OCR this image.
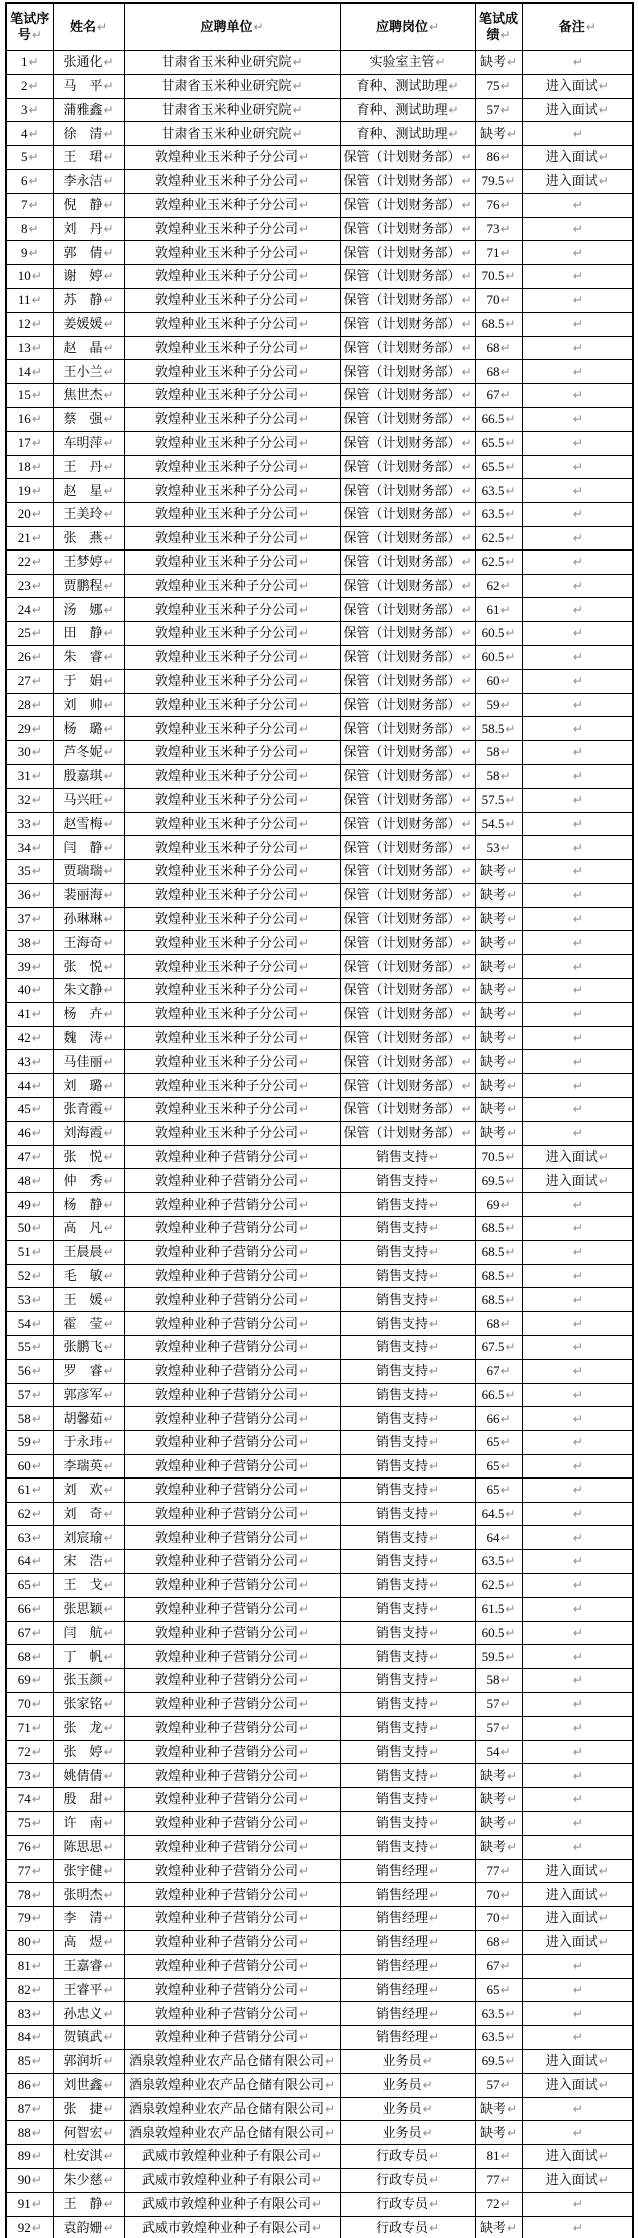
笔试序号↵	姓名↵	应聘单位↵	应聘岗位↵	笔试成绩↵	备注↵
1↵	张通化↵	甘肃省玉米种业研究院↵	实验室主管↵	缺考↵	↵
2↵	马　平↵	甘肃省玉米种业研究院↵	育种、测试助理↵	75↵	进入面试↵
3↵	蒲雅鑫↵	甘肃省玉米种业研究院↵	育种、测试助理↵	57↵	进入面试↵
4↵	徐　清↵	甘肃省玉米种业研究院↵	育种、测试助理↵	缺考↵	↵
5↵	王　珺↵	敦煌种业玉米种子分公司↵	保管（计划财务部）↵	86↵	进入面试↵
6↵	李永洁↵	敦煌种业玉米种子分公司↵	保管（计划财务部）↵	79.5↵	进入面试↵
7↵	倪　静↵	敦煌种业玉米种子分公司↵	保管（计划财务部）↵	76↵	↵
8↵	刘　丹↵	敦煌种业玉米种子分公司↵	保管（计划财务部）↵	73↵	↵
9↵	郭　倩↵	敦煌种业玉米种子分公司↵	保管（计划财务部）↵	71↵	↵
10↵	谢　婷↵	敦煌种业玉米种子分公司↵	保管（计划财务部）↵	70.5↵	↵
11↵	苏　静↵	敦煌种业玉米种子分公司↵	保管（计划财务部）↵	70↵	↵
12↵	姜媛媛↵	敦煌种业玉米种子分公司↵	保管（计划财务部）↵	68.5↵	↵
13↵	赵　晶↵	敦煌种业玉米种子分公司↵	保管（计划财务部）↵	68↵	↵
14↵	王小兰↵	敦煌种业玉米种子分公司↵	保管（计划财务部）↵	68↵	↵
15↵	焦世杰↵	敦煌种业玉米种子分公司↵	保管（计划财务部）↵	67↵	↵
16↵	蔡　强↵	敦煌种业玉米种子分公司↵	保管（计划财务部）↵	66.5↵	↵
17↵	车明萍↵	敦煌种业玉米种子分公司↵	保管（计划财务部）↵	65.5↵	↵
18↵	王　丹↵	敦煌种业玉米种子分公司↵	保管（计划财务部）↵	65.5↵	↵
19↵	赵　星↵	敦煌种业玉米种子分公司↵	保管（计划财务部）↵	63.5↵	↵
20↵	王美玲↵	敦煌种业玉米种子分公司↵	保管（计划财务部）↵	63.5↵	↵
21↵	张　燕↵	敦煌种业玉米种子分公司↵	保管（计划财务部）↵	62.5↵	↵
22↵	王梦婷↵	敦煌种业玉米种子分公司↵	保管（计划财务部）↵	62.5↵	↵
23↵	贾鹏程↵	敦煌种业玉米种子分公司↵	保管（计划财务部）↵	62↵	↵
24↵	汤　娜↵	敦煌种业玉米种子分公司↵	保管（计划财务部）↵	61↵	↵
25↵	田　静↵	敦煌种业玉米种子分公司↵	保管（计划财务部）↵	60.5↵	↵
26↵	朱　睿↵	敦煌种业玉米种子分公司↵	保管（计划财务部）↵	60.5↵	↵
27↵	于　娟↵	敦煌种业玉米种子分公司↵	保管（计划财务部）↵	60↵	↵
28↵	刘　帅↵	敦煌种业玉米种子分公司↵	保管（计划财务部）↵	59↵	↵
29↵	杨　璐↵	敦煌种业玉米种子分公司↵	保管（计划财务部）↵	58.5↵	↵
30↵	芦冬妮↵	敦煌种业玉米种子分公司↵	保管（计划财务部）↵	58↵	↵
31↵	殷嘉琪↵	敦煌种业玉米种子分公司↵	保管（计划财务部）↵	58↵	↵
32↵	马兴旺↵	敦煌种业玉米种子分公司↵	保管（计划财务部）↵	57.5↵	↵
33↵	赵雪梅↵	敦煌种业玉米种子分公司↵	保管（计划财务部）↵	54.5↵	↵
34↵	闫　静↵	敦煌种业玉米种子分公司↵	保管（计划财务部）↵	53↵	↵
35↵	贾瑞瑞↵	敦煌种业玉米种子分公司↵	保管（计划财务部）↵	缺考↵	↵
36↵	裴丽海↵	敦煌种业玉米种子分公司↵	保管（计划财务部）↵	缺考↵	↵
37↵	孙琳琳↵	敦煌种业玉米种子分公司↵	保管（计划财务部）↵	缺考↵	↵
38↵	王海奇↵	敦煌种业玉米种子分公司↵	保管（计划财务部）↵	缺考↵	↵
39↵	张　悦↵	敦煌种业玉米种子分公司↵	保管（计划财务部）↵	缺考↵	↵
40↵	朱文静↵	敦煌种业玉米种子分公司↵	保管（计划财务部）↵	缺考↵	↵
41↵	杨　卉↵	敦煌种业玉米种子分公司↵	保管（计划财务部）↵	缺考↵	↵
42↵	魏　涛↵	敦煌种业玉米种子分公司↵	保管（计划财务部）↵	缺考↵	↵
43↵	马佳丽↵	敦煌种业玉米种子分公司↵	保管（计划财务部）↵	缺考↵	↵
44↵	刘　璐↵	敦煌种业玉米种子分公司↵	保管（计划财务部）↵	缺考↵	↵
45↵	张青霞↵	敦煌种业玉米种子分公司↵	保管（计划财务部）↵	缺考↵	↵
46↵	刘海霞↵	敦煌种业玉米种子分公司↵	保管（计划财务部）↵	缺考↵	↵
47↵	张　悦↵	敦煌种业种子营销分公司↵	销售支持↵	70.5↵	进入面试↵
48↵	仲　秀↵	敦煌种业种子营销分公司↵	销售支持↵	69.5↵	进入面试↵
49↵	杨　静↵	敦煌种业种子营销分公司↵	销售支持↵	69↵	↵
50↵	高　凡↵	敦煌种业种子营销分公司↵	销售支持↵	68.5↵	↵
51↵	王晨晨↵	敦煌种业种子营销分公司↵	销售支持↵	68.5↵	↵
52↵	毛　敏↵	敦煌种业种子营销分公司↵	销售支持↵	68.5↵	↵
53↵	王　媛↵	敦煌种业种子营销分公司↵	销售支持↵	68.5↵	↵
54↵	霍　莹↵	敦煌种业种子营销分公司↵	销售支持↵	68↵	↵
55↵	张鹏飞↵	敦煌种业种子营销分公司↵	销售支持↵	67.5↵	↵
56↵	罗　睿↵	敦煌种业种子营销分公司↵	销售支持↵	67↵	↵
57↵	郭彦军↵	敦煌种业种子营销分公司↵	销售支持↵	66.5↵	↵
58↵	胡馨茹↵	敦煌种业种子营销分公司↵	销售支持↵	66↵	↵
59↵	于永玮↵	敦煌种业种子营销分公司↵	销售支持↵	65↵	↵
60↵	李瑞英↵	敦煌种业种子营销分公司↵	销售支持↵	65↵	↵
61↵	刘　欢↵	敦煌种业种子营销分公司↵	销售支持↵	65↵	↵
62↵	刘　奇↵	敦煌种业种子营销分公司↵	销售支持↵	64.5↵	↵
63↵	刘宸瑜↵	敦煌种业种子营销分公司↵	销售支持↵	64↵	↵
64↵	宋　浩↵	敦煌种业种子营销分公司↵	销售支持↵	63.5↵	↵
65↵	王　戈↵	敦煌种业种子营销分公司↵	销售支持↵	62.5↵	↵
66↵	张思颖↵	敦煌种业种子营销分公司↵	销售支持↵	61.5↵	↵
67↵	闫　航↵	敦煌种业种子营销分公司↵	销售支持↵	60.5↵	↵
68↵	丁　帆↵	敦煌种业种子营销分公司↵	销售支持↵	59.5↵	↵
69↵	张玉颜↵	敦煌种业种子营销分公司↵	销售支持↵	58↵	↵
70↵	张家铭↵	敦煌种业种子营销分公司↵	销售支持↵	57↵	↵
71↵	张　龙↵	敦煌种业种子营销分公司↵	销售支持↵	57↵	↵
72↵	张　婷↵	敦煌种业种子营销分公司↵	销售支持↵	54↵	↵
73↵	姚倩倩↵	敦煌种业种子营销分公司↵	销售支持↵	缺考↵	↵
74↵	殷　甜↵	敦煌种业种子营销分公司↵	销售支持↵	缺考↵	↵
75↵	许　南↵	敦煌种业种子营销分公司↵	销售支持↵	缺考↵	↵
76↵	陈思思↵	敦煌种业种子营销分公司↵	销售支持↵	缺考↵	↵
77↵	张宇健↵	敦煌种业种子营销分公司↵	销售经理↵	77↵	进入面试↵
78↵	张明杰↵	敦煌种业种子营销分公司↵	销售经理↵	70↵	进入面试↵
79↵	李　清↵	敦煌种业种子营销分公司↵	销售经理↵	70↵	进入面试↵
80↵	高　煜↵	敦煌种业种子营销分公司↵	销售经理↵	68↵	进入面试↵
81↵	王嘉睿↵	敦煌种业种子营销分公司↵	销售经理↵	67↵	↵
82↵	王睿平↵	敦煌种业种子营销分公司↵	销售经理↵	65↵	↵
83↵	孙忠义↵	敦煌种业种子营销分公司↵	销售经理↵	63.5↵	↵
84↵	贺镇武↵	敦煌种业种子营销分公司↵	销售经理↵	63.5↵	↵
85↵	郭润圻↵	酒泉敦煌种业农产品仓储有限公司↵	业务员↵	69.5↵	进入面试↵
86↵	刘世鑫↵	酒泉敦煌种业农产品仓储有限公司↵	业务员↵	57↵	进入面试↵
87↵	张　捷↵	酒泉敦煌种业农产品仓储有限公司↵	业务员↵	缺考↵	↵
88↵	何智宏↵	酒泉敦煌种业农产品仓储有限公司↵	业务员↵	缺考↵	↵
89↵	杜安淇↵	武威市敦煌种业种子有限公司↵	行政专员↵	81↵	进入面试↵
90↵	朱少慈↵	武威市敦煌种业种子有限公司↵	行政专员↵	77↵	进入面试↵
91↵	王　静↵	武威市敦煌种业种子有限公司↵	行政专员↵	72↵	↵
92↵	袁韵姗↵	武威市敦煌种业种子有限公司↵	行政专员↵	缺考↵	↵
